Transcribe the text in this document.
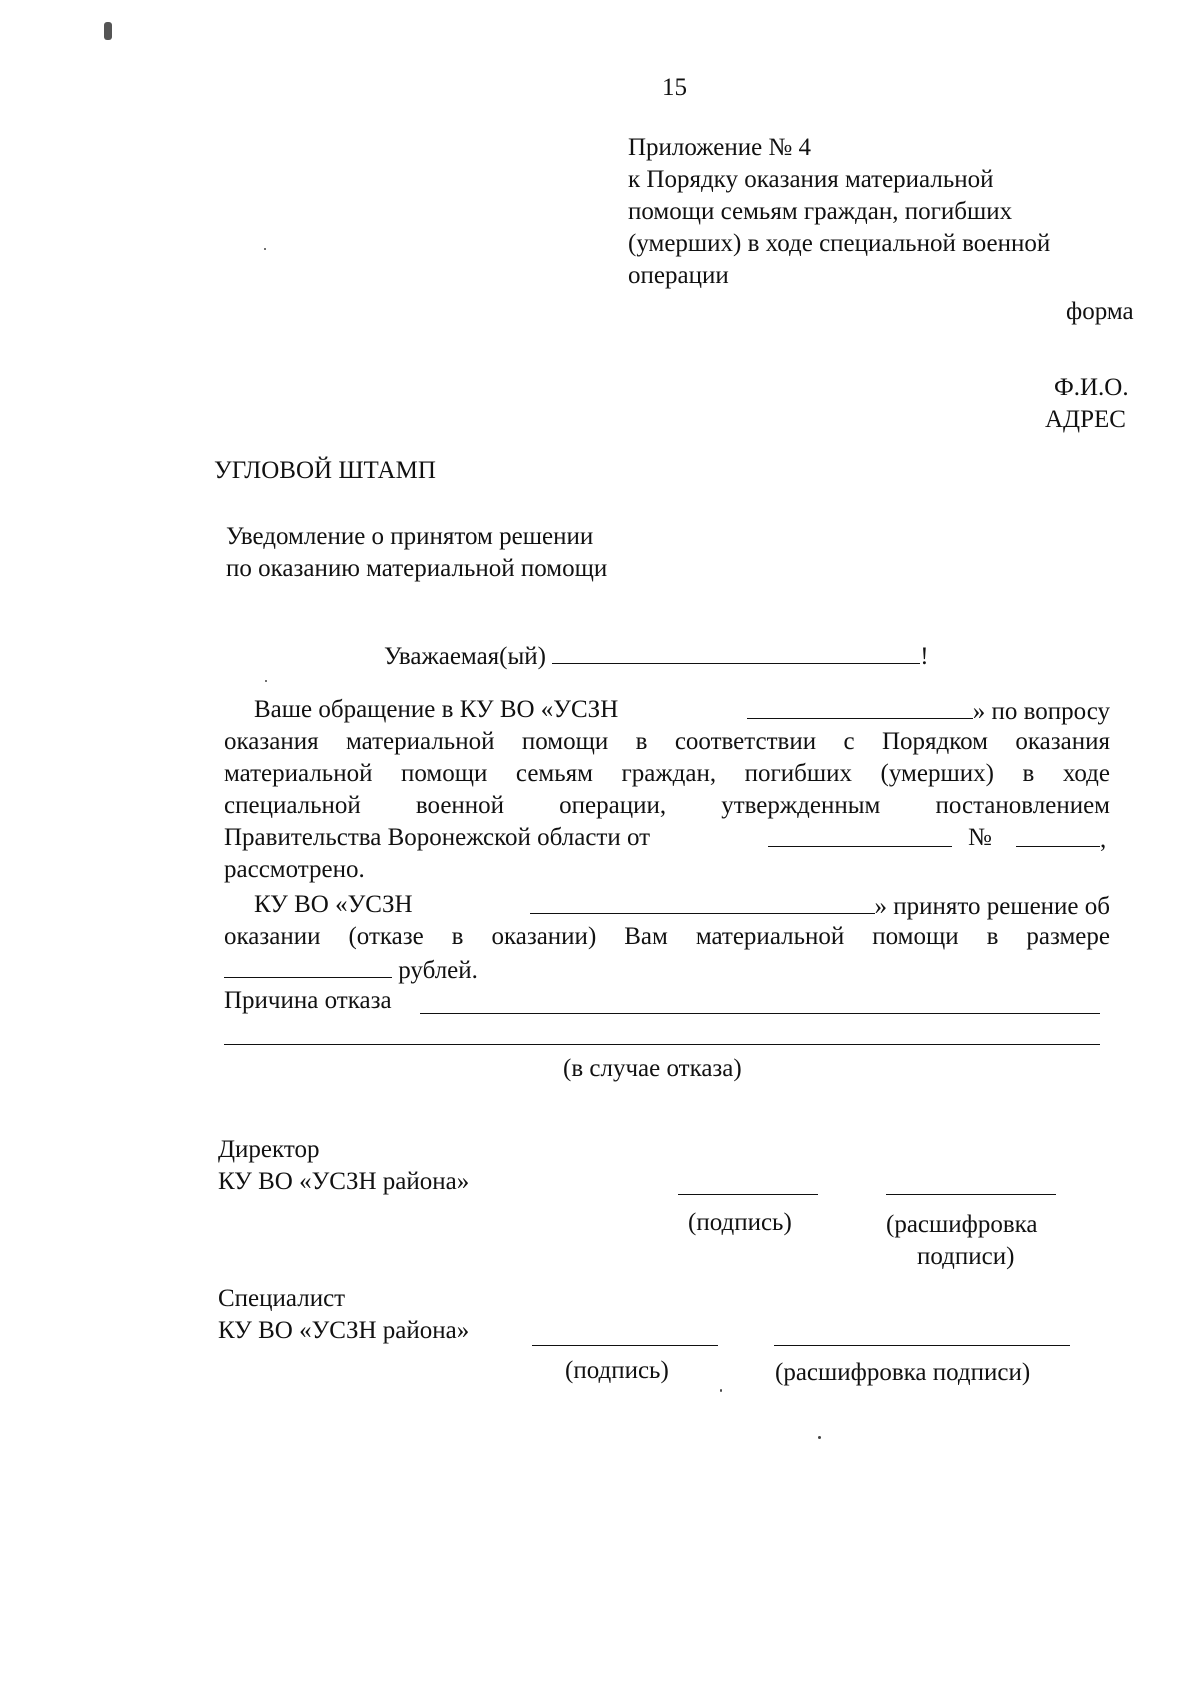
15
Приложение № 4
к Порядку оказания материальной
помощи семьям граждан, погибших
(умерших) в ходе специальной военной
операции
форма
Ф.И.О.
АДРЕС
УГЛОВОЙ ШТАМП
Уведомление о принятом решении
по оказанию материальной помощи
Уважаемая(ый)	!
Ваше обращение в КУ ВО «УСЗН	» по вопросу
оказания материальной помощи в соответствии с Порядком оказания
материальной помощи семьям граждан, погибших (умерших) в ходе
специальной военной операции, утвержденным постановлением
Правительства Воронежской области от	№	,
рассмотрено.
КУ ВО «УСЗН	» принято решение об
оказании (отказе в оказании) Вам материальной помощи в размере
рублей.
Причина отказа
(в случае отказа)
Директор
КУ ВО «УСЗН района»
(подпись)	(расшифровка
подписи)
Специалист
КУ ВО «УСЗН района»
(подпись)	(расшифровка подписи)
